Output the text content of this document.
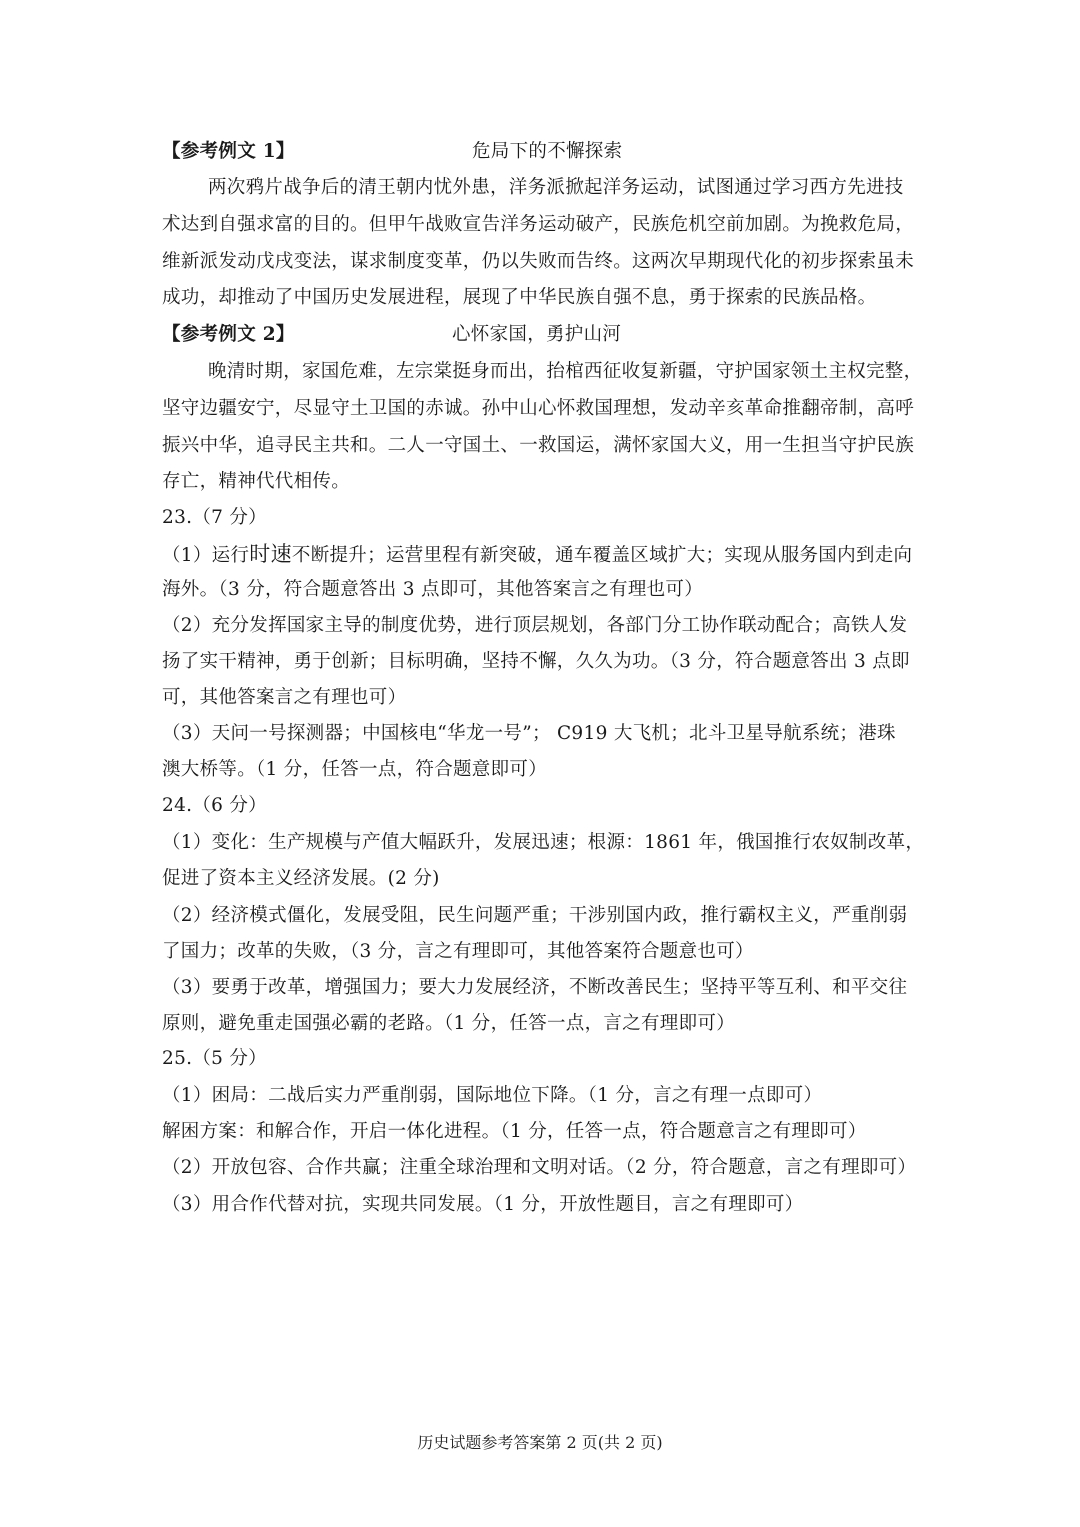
【参考例文 1】	危局下的不懈探索
两次鸦片战争后的清王朝内忧外患，洋务派掀起洋务运动，试图通过学习西方先进技
术达到自强求富的目的。但甲午战败宣告洋务运动破产，民族危机空前加剧。为挽救危局，
维新派发动戊戌变法，谋求制度变革，仍以失败而告终。这两次早期现代化的初步探索虽未
成功，却推动了中国历史发展进程，展现了中华民族自强不息，勇于探索的民族品格。
【参考例文 2】	心怀家国，勇护山河
晚清时期，家国危难，左宗棠挺身而出，抬棺西征收复新疆，守护国家领土主权完整，
坚守边疆安宁，尽显守土卫国的赤诚。孙中山心怀救国理想，发动辛亥革命推翻帝制，高呼
振兴中华，追寻民主共和。二人一守国土、一救国运，满怀家国大义，用一生担当守护民族
存亡，精神代代相传。
23.（7 分）
（1）运行时速不断提升；运营里程有新突破，通车覆盖区域扩大；实现从服务国内到走向
海外。（3 分，符合题意答出 3 点即可，其他答案言之有理也可）
（2）充分发挥国家主导的制度优势，进行顶层规划，各部门分工协作联动配合；高铁人发
扬了实干精神，勇于创新；目标明确，坚持不懈，久久为功。（3 分，符合题意答出 3 点即
可，其他答案言之有理也可）
（3）天问一号探测器；中国核电“华龙一号”； C919 大飞机；北斗卫星导航系统；港珠
澳大桥等。（1 分，任答一点，符合题意即可）
24.（6 分）
（1）变化：生产规模与产值大幅跃升，发展迅速；根源：1861 年，俄国推行农奴制改革，
促进了资本主义经济发展。(2 分)
（2）经济模式僵化，发展受阻，民生问题严重；干涉别国内政，推行霸权主义，严重削弱
了国力；改革的失败，（3 分，言之有理即可，其他答案符合题意也可）
（3）要勇于改革，增强国力；要大力发展经济，不断改善民生；坚持平等互利、和平交往
原则，避免重走国强必霸的老路。（1 分，任答一点，言之有理即可）
25.（5 分）
（1）困局：二战后实力严重削弱，国际地位下降。（1 分，言之有理一点即可）
解困方案：和解合作，开启一体化进程。（1 分，任答一点，符合题意言之有理即可）
（2）开放包容、合作共赢；注重全球治理和文明对话。（2 分，符合题意，言之有理即可）
（3）用合作代替对抗，实现共同发展。（1 分，开放性题目，言之有理即可）
历史试题参考答案第 2 页(共 2 页)
